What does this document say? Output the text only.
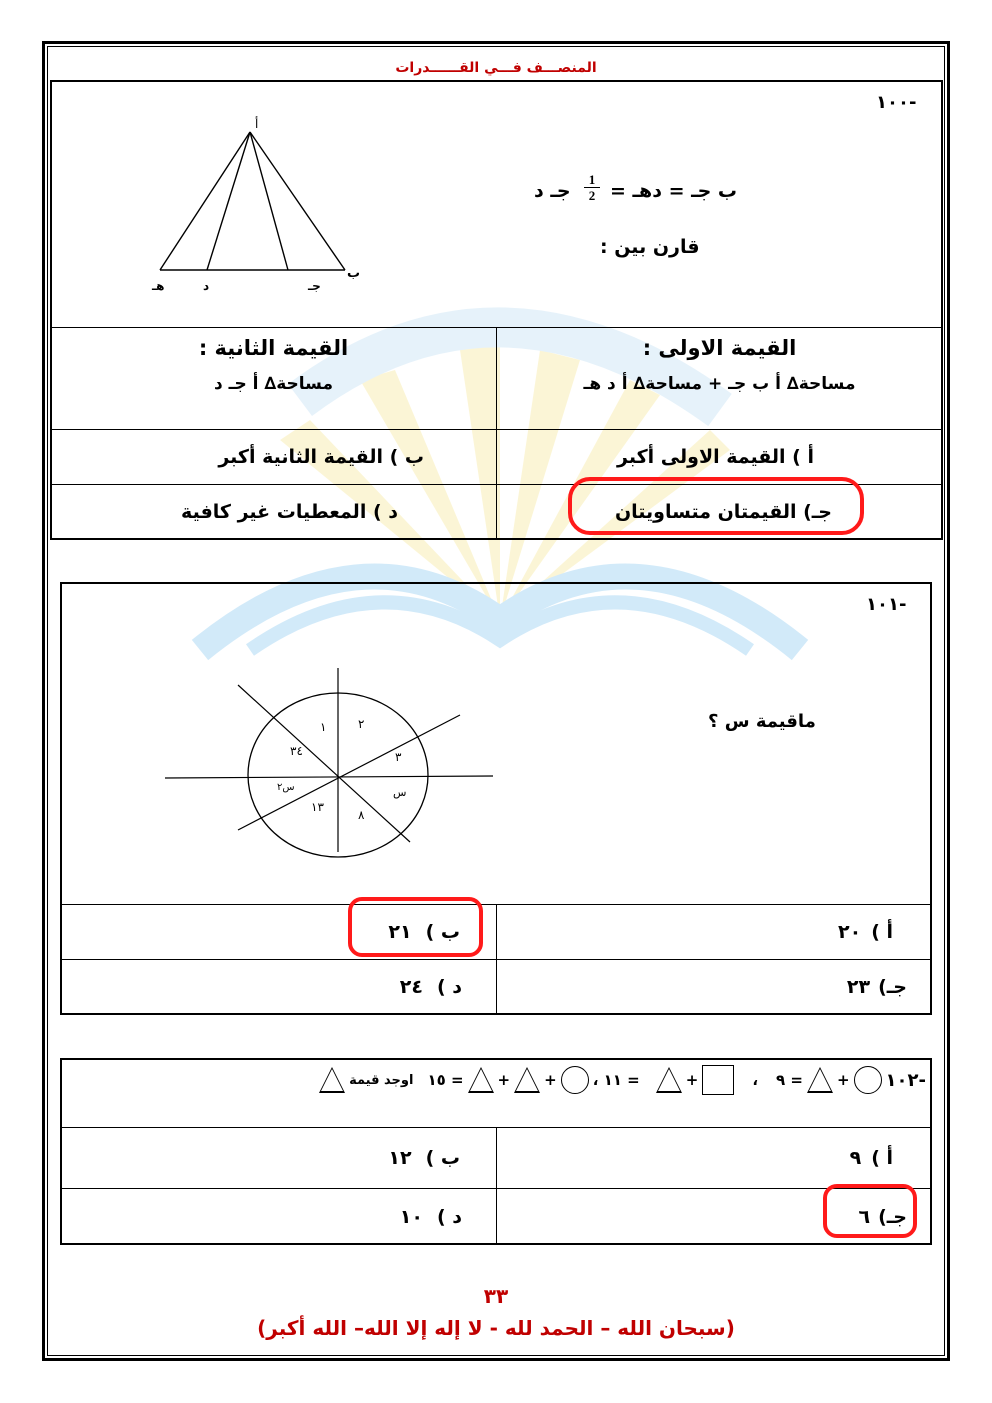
المنصـــف فـــي القــــــدرات
١٠٠-
أ
ب
هـ	د	جـ
جـ د $\frac{1}{2}$ ب جـ = دهـ =
قارن بين :
القيمة الاولى :
مساحة∆ أ ب جـ + مساحة∆ أ د هـ
القيمة الثانية :
مساحة∆ أ جـ د
أ ) القيمة الاولى أكبر
ب ) القيمة الثانية أكبر
جـ) القيمتان متساويتان
د ) المعطيات غير كافية
١٠١-
ماقيمة س ؟
١	٢
٣
٣٤
س٢	س
١٣
٨
أ )
٢٠
ب )
٢١
جـ)
٢٣
د )
٢٤
١٠٢-
+
= ٩
،
+
= ١١ ،
+
+
= ١٥
اوجد قيمة
أ )
٩
ب )
١٢
جـ)
٦
د )
١٠
٣٣
(سبحان الله – الحمد لله - لا إله إلا الله– الله أكبر)
